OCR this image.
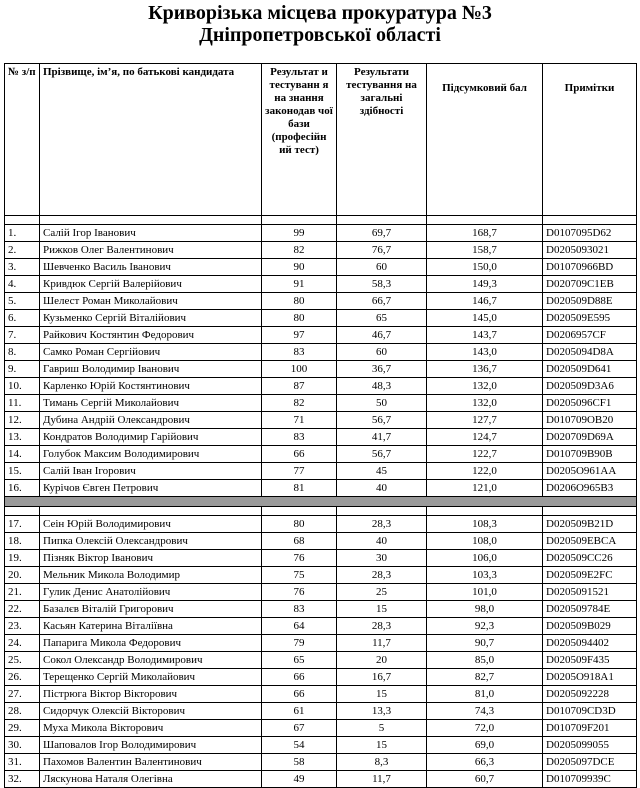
Криворізька місцева прокуратура №3
Дніпропетровської області
№ з/п	Прізвище, ім’я, по батькові кандидата	Результат и тестуванн я на знання законодав чої бази (професійн ий тест)	Результати тестування на загальні здібності	Підсумковий бал	Примітки

1.	Салій Ігор Іванович	99	69,7	168,7	D0107095D62
2.	Рижков Олег Валентинович	82	76,7	158,7	D0205093021
3.	Шевченко Василь Іванович	90	60	150,0	D01070966BD
4.	Кривдюк Сергій Валерійович	91	58,3	149,3	D020709C1EB
5.	Шелест Роман Миколайович	80	66,7	146,7	D020509D88E
6.	Кузьменко Сергій Віталійович	80	65	145,0	D020509E595
7.	Райкович Костянтин Федорович	97	46,7	143,7	D0206957CF
8.	Самко Роман Сергійович	83	60	143,0	D0205094D8A
9.	Гавриш Володимир Іванович	100	36,7	136,7	D020509D641
10.	Карленко Юрій Костянтинович	87	48,3	132,0	D020509D3A6
11.	Тимань Сергій Миколайович	82	50	132,0	D0205096CF1
12.	Дубина Андрій Олександрович	71	56,7	127,7	D010709OB20
13.	Кондратов Володимир Гарійович	83	41,7	124,7	D020709D69A
14.	Голубок Максим Володимирович	66	56,7	122,7	D010709B90B
15.	Салій Іван Ігорович	77	45	122,0	D0205O961AA
16.	Курічов Євген Петрович	81	40	121,0	D0206O965B3

17.	Сеін Юрій Володимирович	80	28,3	108,3	D020509B21D
18.	Пипка Олексій Олександрович	68	40	108,0	D020509EBCA
19.	Пізняк Віктор Іванович	76	30	106,0	D020509CC26
20.	Мельник Микола Володимир	75	28,3	103,3	D020509E2FC
21.	Гулик Денис Анатолійович	76	25	101,0	D0205091521
22.	Базалєв Віталій Григорович	83	15	98,0	D020509784E
23.	Касьян Катерина Віталіївна	64	28,3	92,3	D020509B029
24.	Папарига Микола Федорович	79	11,7	90,7	D0205094402
25.	Сокол Олександр Володимирович	65	20	85,0	D020509F435
26.	Терещенко Сергій Миколайович	66	16,7	82,7	D0205O918A1
27.	Пістрюга Віктор Вікторович	66	15	81,0	D0205092228
28.	Сидорчук Олексій Вікторович	61	13,3	74,3	D010709CD3D
29.	Муха Микола Вікторович	67	5	72,0	D010709F201
30.	Шаповалов Ігор Володимирович	54	15	69,0	D0205099055
31.	Пахомов Валентин Валентинович	58	8,3	66,3	D0205097DCE
32.	Ляскунова Наталя Олегівна	49	11,7	60,7	D010709939C
